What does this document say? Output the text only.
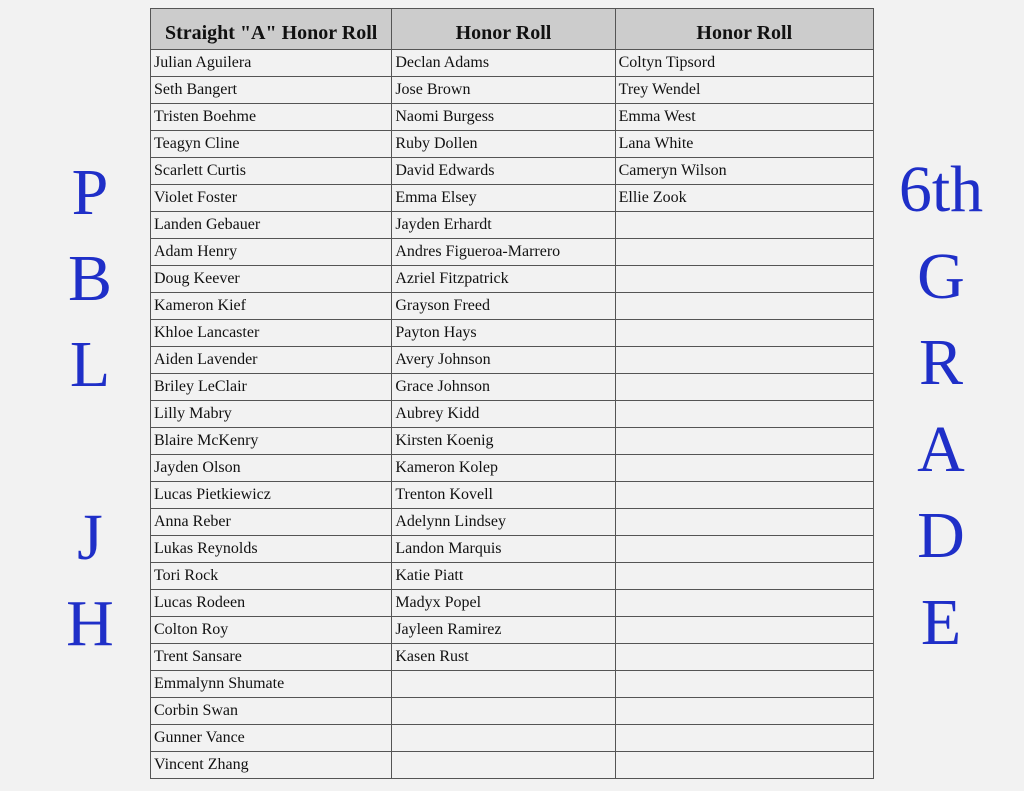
P
B
L
J
H
6th
G
R
A
D
E
Straight "A" Honor Roll	Honor Roll	Honor Roll
Julian Aguilera	Declan Adams	Coltyn Tipsord
Seth Bangert	Jose Brown	Trey Wendel
Tristen Boehme	Naomi Burgess	Emma West
Teagyn Cline	Ruby Dollen	Lana White
Scarlett Curtis	David Edwards	Cameryn Wilson
Violet Foster	Emma Elsey	Ellie Zook
Landen Gebauer	Jayden Erhardt	
Adam Henry	Andres Figueroa-Marrero	
Doug Keever	Azriel Fitzpatrick	
Kameron Kief	Grayson Freed	
Khloe Lancaster	Payton Hays	
Aiden Lavender	Avery Johnson	
Briley LeClair	Grace Johnson	
Lilly Mabry	Aubrey Kidd	
Blaire McKenry	Kirsten Koenig	
Jayden Olson	Kameron Kolep	
Lucas Pietkiewicz	Trenton Kovell	
Anna Reber	Adelynn Lindsey	
Lukas Reynolds	Landon Marquis	
Tori Rock	Katie Piatt	
Lucas Rodeen	Madyx Popel	
Colton Roy	Jayleen Ramirez	
Trent Sansare	Kasen Rust	
Emmalynn Shumate		
Corbin Swan		
Gunner Vance		
Vincent Zhang		
